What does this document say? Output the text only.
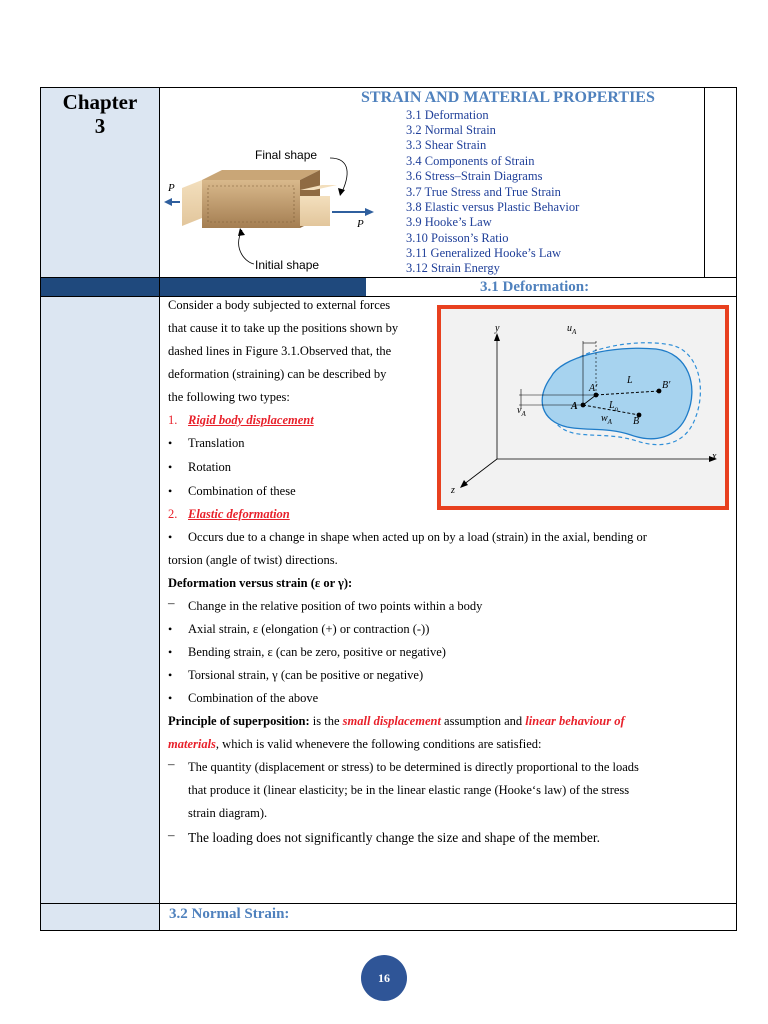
Chapter
3
STRAIN AND MATERIAL PROPERTIES
3.1 Deformation
3.2 Normal Strain
3.3 Shear Strain
3.4 Components of Strain
3.6 Stress–Strain Diagrams
3.7 True Stress and True Strain
3.8 Elastic versus Plastic Behavior
3.9 Hooke’s Law
3.10 Poisson’s Ratio
3.11 Generalized Hooke’s Law
3.12 Strain Energy
Final shape
Initial shape
P
P
3.1 Deformation:
Consider a body subjected to external forces
that cause it to take up the positions shown by
dashed lines in Figure 3.1.Observed that, the
deformation (straining) can be described by
the following two types:
1. Rigid body displacement
• Translation
• Rotation
• Combination of these
2. Elastic deformation
• Occurs due to a change in shape when acted up on by a load (strain) in the axial, bending or
torsion (angle of twist) directions.
Deformation versus strain (ε or γ):
– Change in the relative position of two points within a body
• Axial strain, ε (elongation (+) or contraction (-))
• Bending strain, ε (can be zero, positive or negative)
• Torsional strain, γ (can be positive or negative)
• Combination of the above
Principle of superposition: is the small displacement assumption and linear behaviour of
materials, which is valid whenevere the following conditions are satisfied:
– The quantity (displacement or stress) to be determined is directly proportional to the loads
that produce it (linear elasticity; be in the linear elastic range (Hooke‘s law) of the stress
strain diagram).
– The loading does not significantly change the size and shape of the member.
y
x
z
$u_A$
$v_A$
A
A′
B
B′
L
$L_o$
$w_A$
3.2 Normal Strain:
16
